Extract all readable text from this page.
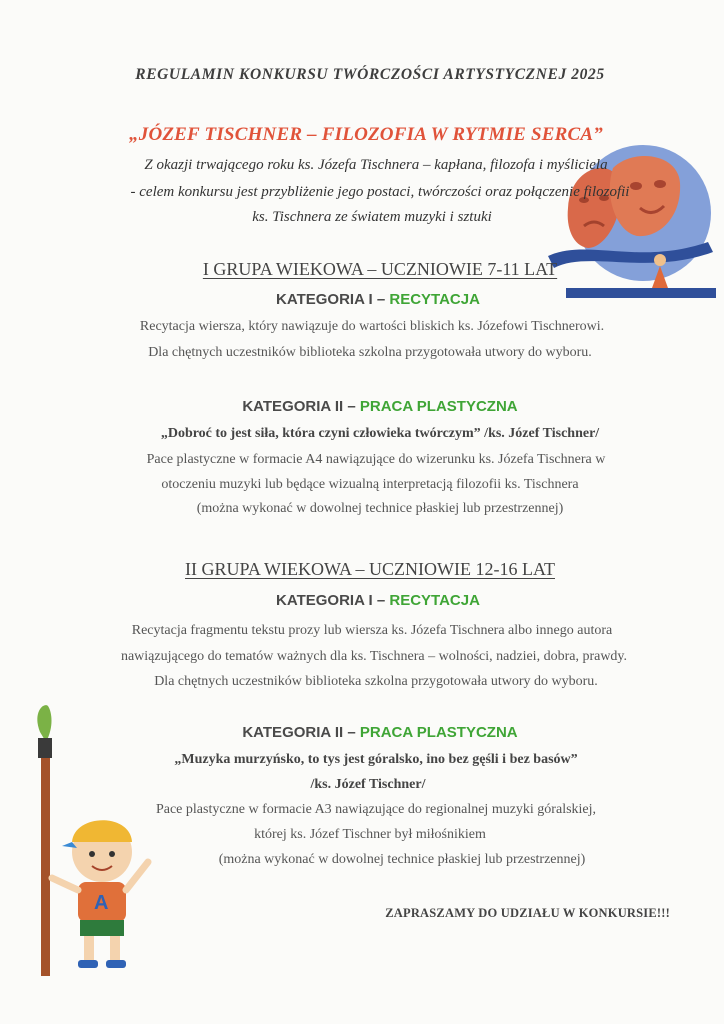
A
REGULAMIN KONKURSU TWÓRCZOŚCI ARTYSTYCZNEJ 2025
„JÓZEF TISCHNER – FILOZOFIA W RYTMIE SERCA”
Z okazji trwającego roku ks. Józefa Tischnera – kapłana, filozofa i myśliciela
- celem konkursu jest przybliżenie jego postaci, twórczości oraz połączenie filozofii
ks. Tischnera ze światem muzyki i sztuki
I GRUPA WIEKOWA – UCZNIOWIE 7-11 LAT
KATEGORIA I – RECYTACJA
Recytacja wiersza, który nawiązuje do wartości bliskich ks. Józefowi Tischnerowi.
Dla chętnych uczestników biblioteka szkolna przygotowała utwory do wyboru.
KATEGORIA II – PRACA PLASTYCZNA
„Dobroć to jest siła, która czyni człowieka twórczym” /ks. Józef Tischner/
Pace plastyczne w formacie A4 nawiązujące do wizerunku ks. Józefa Tischnera w
otoczeniu muzyki lub będące wizualną interpretacją filozofii ks. Tischnera
(można wykonać w dowolnej technice płaskiej lub przestrzennej)
II GRUPA WIEKOWA – UCZNIOWIE 12-16 LAT
KATEGORIA I – RECYTACJA
Recytacja fragmentu tekstu prozy lub wiersza ks. Józefa Tischnera albo innego autora
nawiązującego do tematów ważnych dla ks. Tischnera – wolności, nadziei, dobra, prawdy.
Dla chętnych uczestników biblioteka szkolna przygotowała utwory do wyboru.
KATEGORIA II – PRACA PLASTYCZNA
„Muzyka murzyńsko, to tys jest góralsko, ino bez gęśli i bez basów”
/ks. Józef Tischner/
Pace plastyczne w formacie A3 nawiązujące do regionalnej muzyki góralskiej,
której ks. Józef Tischner był miłośnikiem
(można wykonać w dowolnej technice płaskiej lub przestrzennej)
ZAPRASZAMY DO UDZIAŁU W KONKURSIE!!!
